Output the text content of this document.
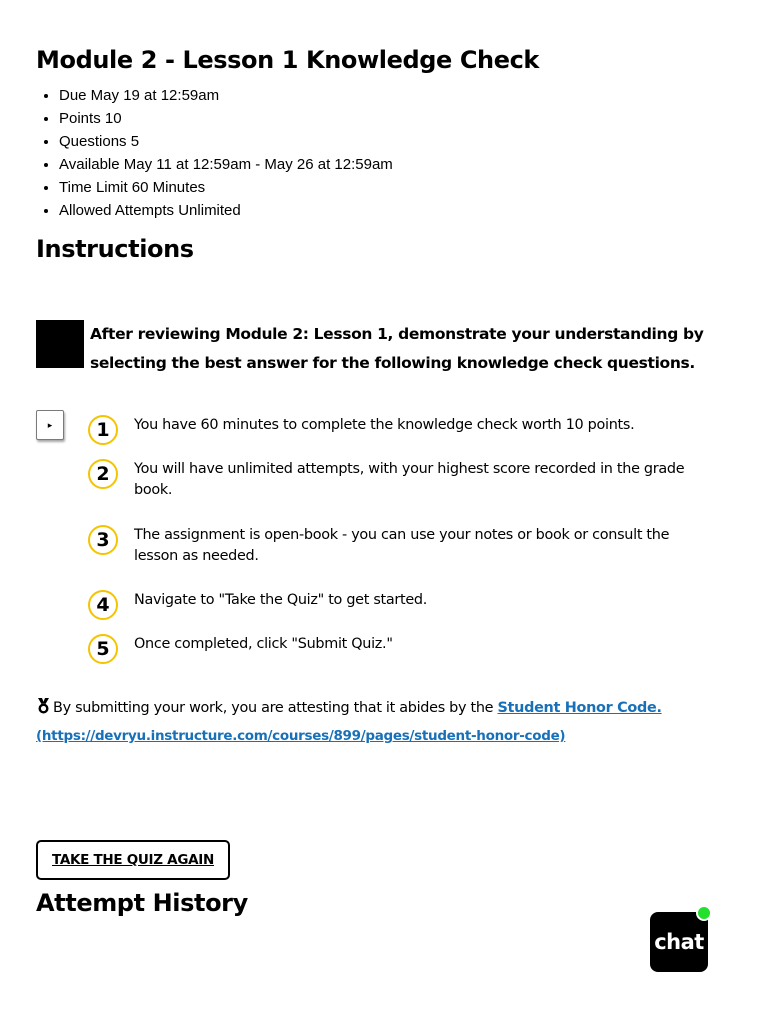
Module 2 - Lesson 1 Knowledge Check
• Due May 19 at 12:59am
• Points 10
• Questions 5
• Available May 11 at 12:59am - May 26 at 12:59am
• Time Limit 60 Minutes
• Allowed Attempts Unlimited
Instructions

After reviewing Module 2: Lesson 1, demonstrate your understanding by selecting the best answer for the following knowledge check questions.

▸	1	You have 60 minutes to complete the knowledge check worth 10 points.
2	You will have unlimited attempts, with your highest score recorded in the grade book.
3	The assignment is open-book - you can use your notes or book or consult the lesson as needed.
4	Navigate to "Take the Quiz" to get started.
5	Once completed, click "Submit Quiz."
By submitting your work, you are attesting that it abides by the Student Honor Code.
(https://devryu.instructure.com/courses/899/pages/student-honor-code)
TAKE THE QUIZ AGAIN
Attempt History
chat
